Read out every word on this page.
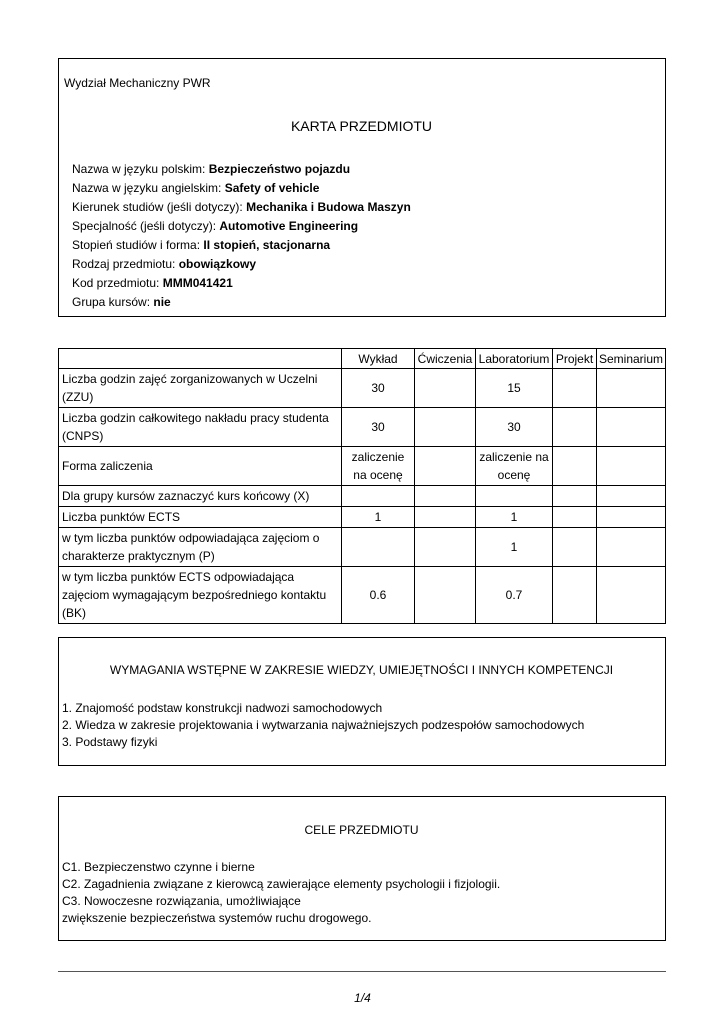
Wydział Mechaniczny PWR
KARTA PRZEDMIOTU
Nazwa w języku polskim: Bezpieczeństwo pojazdu
Nazwa w języku angielskim: Safety of vehicle
Kierunek studiów (jeśli dotyczy): Mechanika i Budowa Maszyn
Specjalność (jeśli dotyczy): Automotive Engineering
Stopień studiów i forma: II stopień, stacjonarna
Rodzaj przedmiotu: obowiązkowy
Kod przedmiotu: MMM041421
Grupa kursów: nie
	Wykład	Ćwiczenia	Laboratorium	Projekt	Seminarium
Liczba godzin zajęć zorganizowanych w Uczelni (ZZU)	30		15		
Liczba godzin całkowitego nakładu pracy studenta (CNPS)	30		30		
Forma zaliczenia	zaliczenie na ocenę		zaliczenie na ocenę		
Dla grupy kursów zaznaczyć kurs końcowy (X)					
Liczba punktów ECTS	1		1		
w tym liczba punktów odpowiadająca zajęciom o charakterze praktycznym (P)			1		
w tym liczba punktów ECTS odpowiadająca zajęciom wymagającym bezpośredniego kontaktu (BK)	0.6		0.7		
WYMAGANIA WSTĘPNE W ZAKRESIE WIEDZY, UMIEJĘTNOŚCI I INNYCH KOMPETENCJI
1. Znajomość podstaw konstrukcji nadwozi samochodowych
2. Wiedza w zakresie projektowania i wytwarzania najważniejszych podzespołów samochodowych
3. Podstawy fizyki
CELE PRZEDMIOTU
C1. Bezpieczenstwo czynne i bierne
C2. Zagadnienia związane z kierowcą zawierające elementy psychologii i fizjologii.
C3. Nowoczesne rozwiązania, umożliwiające
zwiększenie bezpieczeństwa systemów ruchu drogowego.
1/4
